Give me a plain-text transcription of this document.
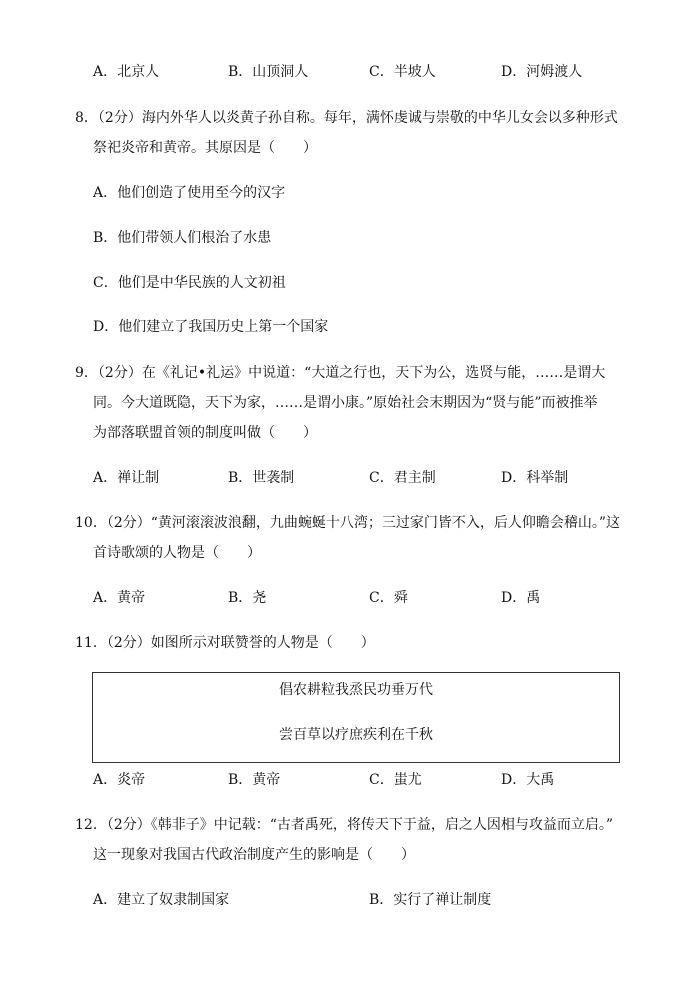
A．北京人	B．山顶洞人	C．半坡人	D．河姆渡人
8．（2分）海内外华人以炎黄子孙自称。每年，满怀虔诚与崇敬的中华儿女会以多种形式
祭祀炎帝和黄帝。其原因是（　　）
A．他们创造了使用至今的汉字
B．他们带领人们根治了水患
C．他们是中华民族的人文初祖
D．他们建立了我国历史上第一个国家
9．（2分）在《礼记•礼运》中说道：“大道之行也，天下为公，选贤与能，……是谓大
同。今大道既隐，天下为家，……是谓小康。”原始社会末期因为“贤与能”而被推举
为部落联盟首领的制度叫做（　　）
A．禅让制	B．世袭制	C．君主制	D．科举制
10．（2分）“黄河滚滚波浪翻，九曲蜿蜒十八湾；三过家门皆不入，后人仰瞻会稽山。”这
首诗歌颂的人物是（　　）
A．黄帝	B．尧	C．舜	D．禹
11．（2分）如图所示对联赞誉的人物是（　　）
倡农耕粒我烝民功垂万代
尝百草以疗庶疾利在千秋
A．炎帝	B．黄帝	C．蚩尤	D．大禹
12．（2分）《韩非子》中记载：“古者禹死，将传天下于益，启之人因相与攻益而立启。”
这一现象对我国古代政治制度产生的影响是（　　）
A．建立了奴隶制国家	B．实行了禅让制度
